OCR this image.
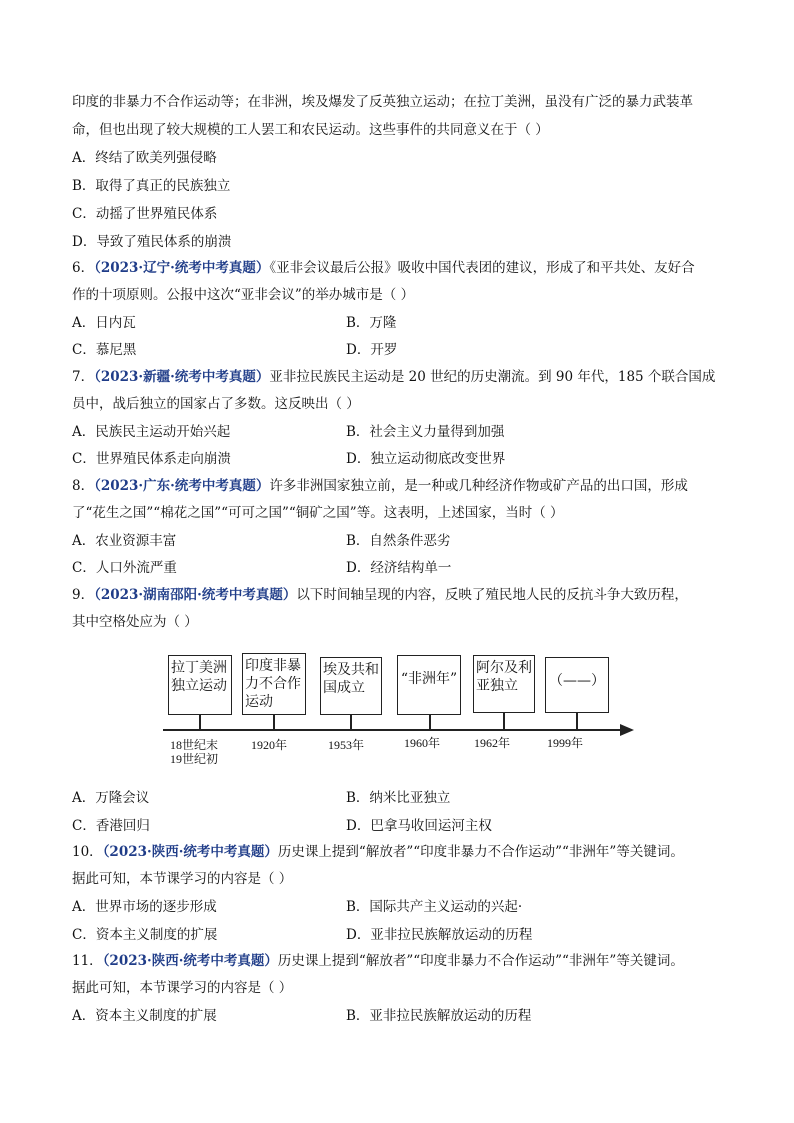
印度的非暴力不合作运动等；在非洲，埃及爆发了反英独立运动；在拉丁美洲，虽没有广泛的暴力武装革
命，但也出现了较大规模的工人罢工和农民运动。这些事件的共同意义在于（ ）
A．终结了欧美列强侵略
B．取得了真正的民族独立
C．动摇了世界殖民体系
D．导致了殖民体系的崩溃
6．（2023·辽宁·统考中考真题）《亚非会议最后公报》吸收中国代表团的建议，形成了和平共处、友好合
作的十项原则。公报中这次“亚非会议”的举办城市是（ ）
A．日内瓦	B．万隆
C．慕尼黑	D．开罗
7．（2023·新疆·统考中考真题）亚非拉民族民主运动是 20 世纪的历史潮流。到 90 年代，185 个联合国成
员中，战后独立的国家占了多数。这反映出（ ）
A．民族民主运动开始兴起	B．社会主义力量得到加强
C．世界殖民体系走向崩溃	D．独立运动彻底改变世界
8．（2023·广东·统考中考真题）许多非洲国家独立前，是一种或几种经济作物或矿产品的出口国，形成
了“花生之国”“棉花之国”“可可之国”“铜矿之国”等。这表明，上述国家，当时（ ）
A．农业资源丰富	B．自然条件恶劣
C．人口外流严重	D．经济结构单一
9．（2023·湖南邵阳·统考中考真题）以下时间轴呈现的内容，反映了殖民地人民的反抗斗争大致历程，
其中空格处应为（ ）
拉丁美洲
独立运动
印度非暴
力不合作
运动
埃及共和
国成立
“非洲年”
阿尔及利
亚独立	（——）
18世纪末
19世纪初
1920年	1953年	1960年	1962年	1999年
A．万隆会议	B．纳米比亚独立
C．香港回归	D．巴拿马收回运河主权
10．（2023·陕西·统考中考真题）历史课上提到“解放者”“印度非暴力不合作运动”“非洲年”等关键词。
据此可知，本节课学习的内容是（ ）
A．世界市场的逐步形成	B．国际共产主义运动的兴起·
C．资本主义制度的扩展	D．亚非拉民族解放运动的历程
11．（2023·陕西·统考中考真题）历史课上提到“解放者”“印度非暴力不合作运动”“非洲年”等关键词。
据此可知，本节课学习的内容是（ ）
A．资本主义制度的扩展	B．亚非拉民族解放运动的历程
